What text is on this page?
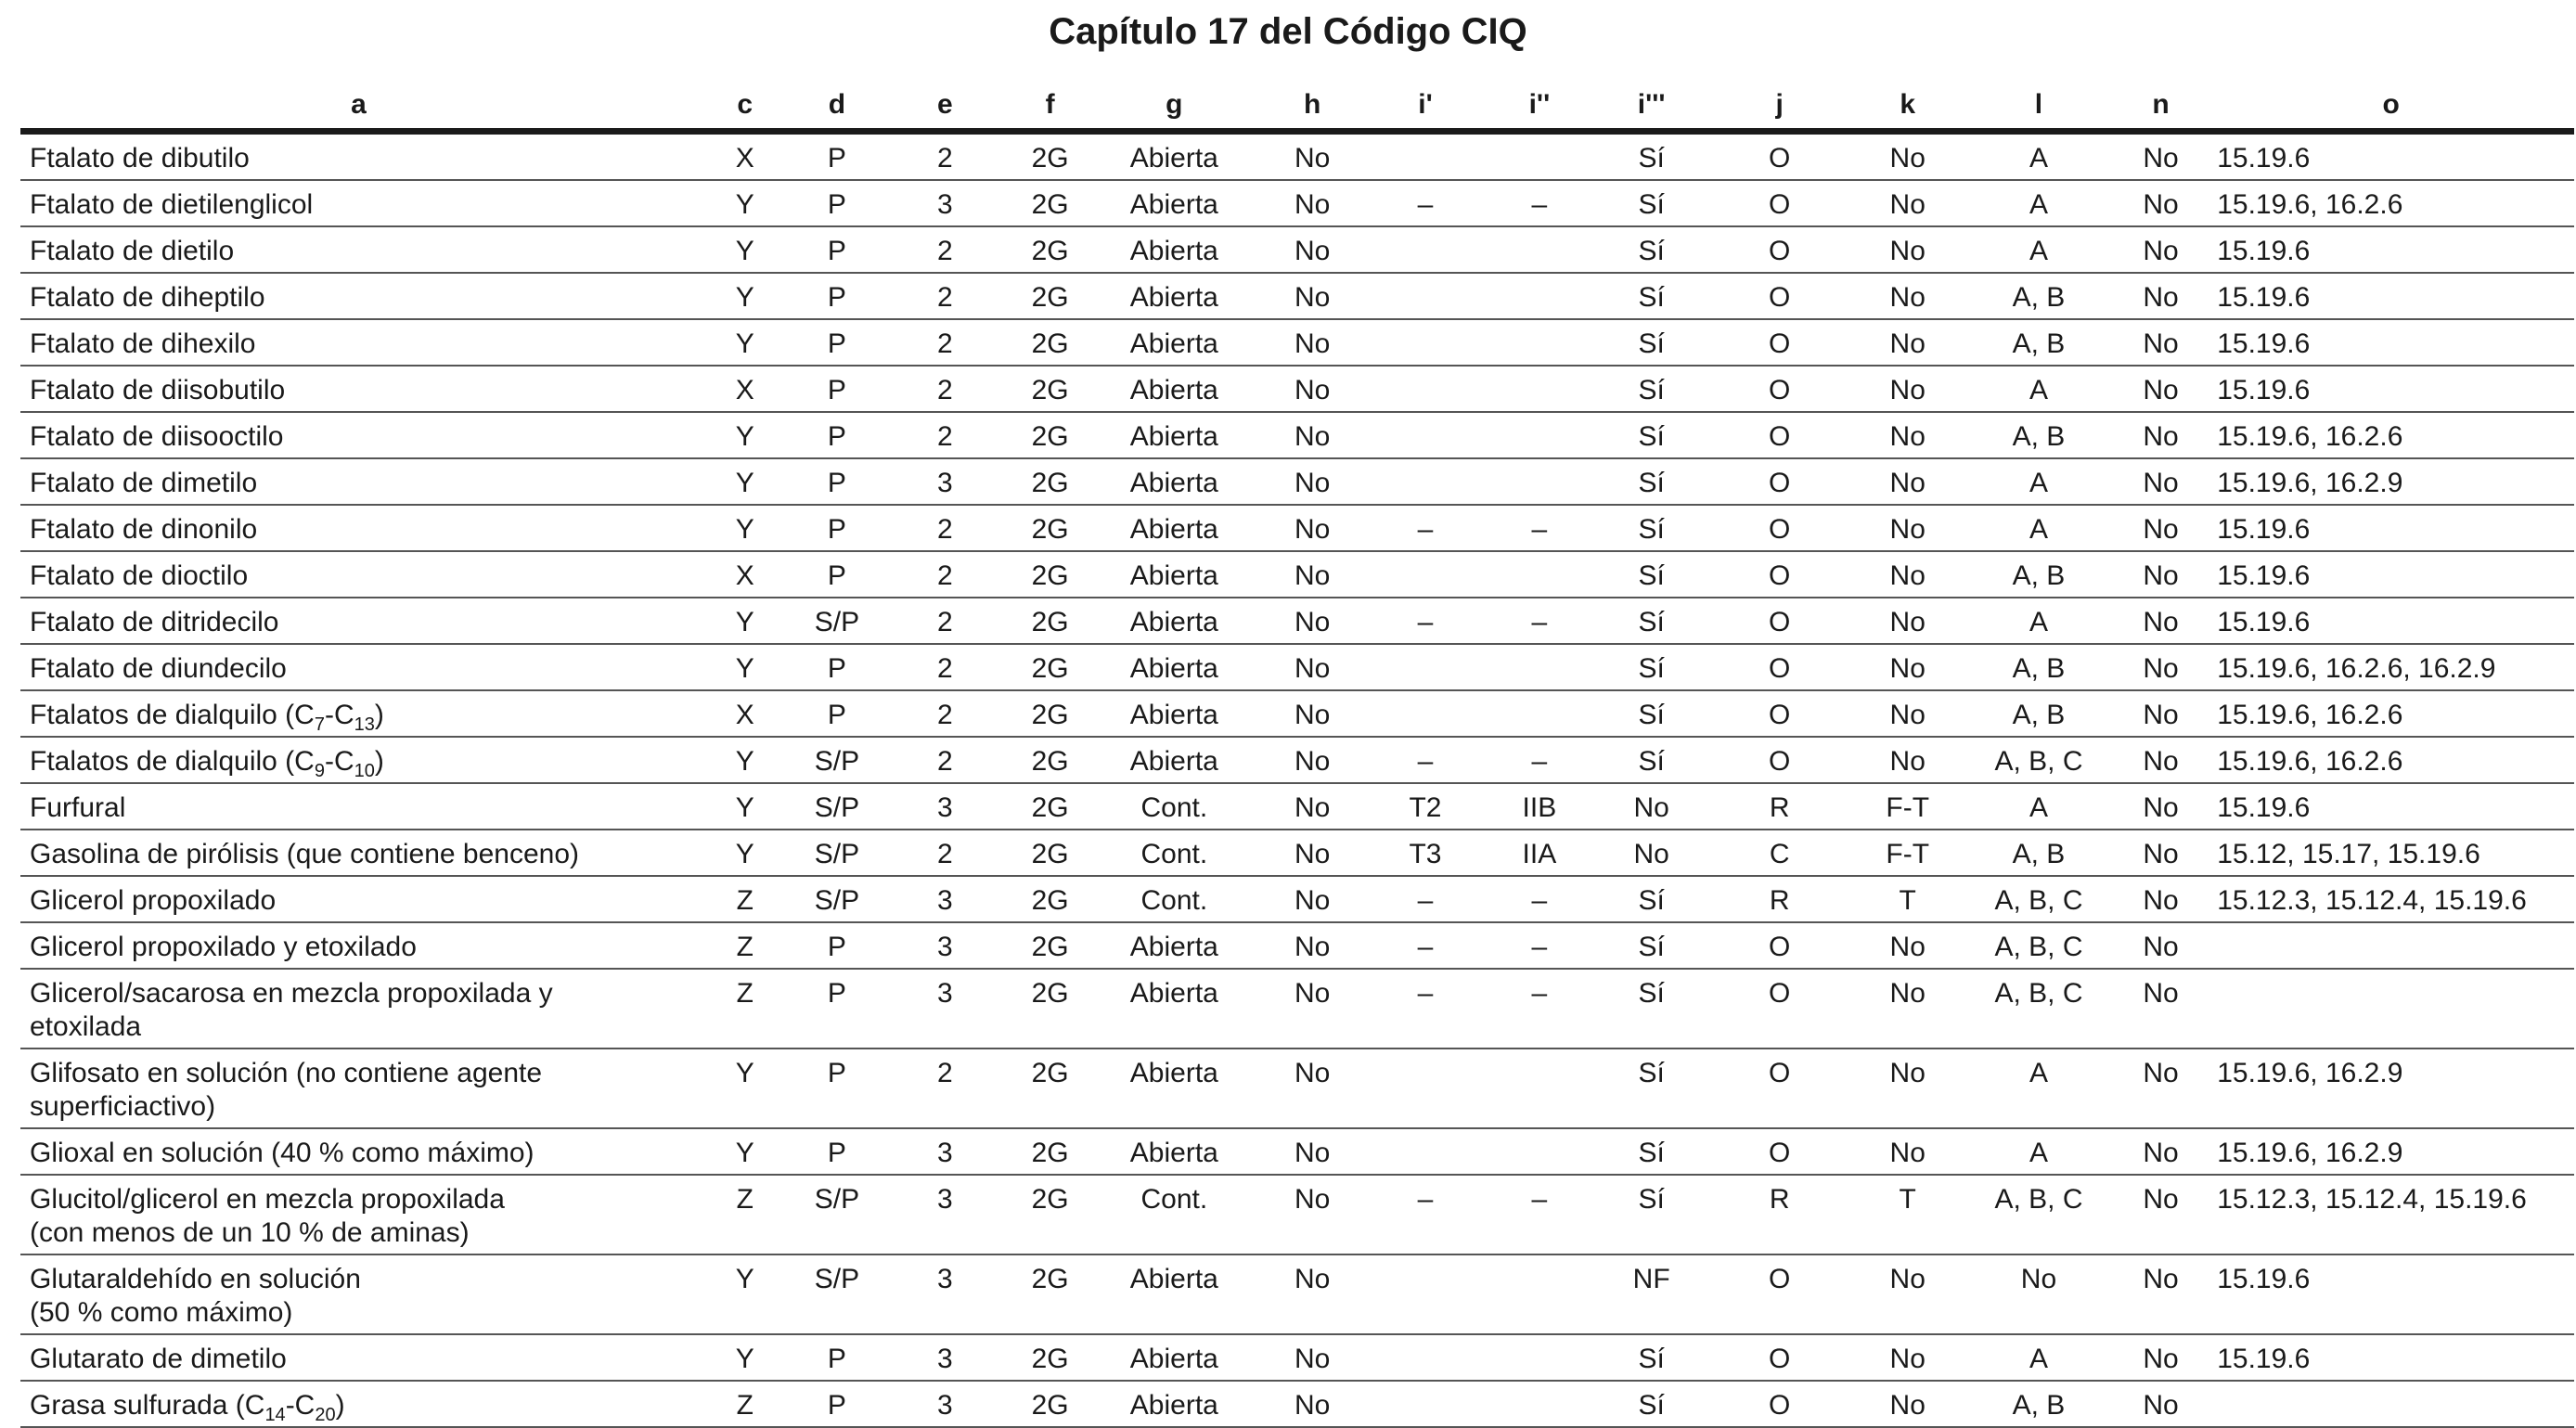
Capítulo 17 del Código CIQ
a	c	d	e	f	g	h	i'	i''	i'''	j	k	l	n	o
Ftalato de dibutilo	X	P	2	2G	Abierta	No			Sí	O	No	A	No	15.19.6
Ftalato de dietilenglicol	Y	P	3	2G	Abierta	No	–	–	Sí	O	No	A	No	15.19.6, 16.2.6
Ftalato de dietilo	Y	P	2	2G	Abierta	No			Sí	O	No	A	No	15.19.6
Ftalato de diheptilo	Y	P	2	2G	Abierta	No			Sí	O	No	A, B	No	15.19.6
Ftalato de dihexilo	Y	P	2	2G	Abierta	No			Sí	O	No	A, B	No	15.19.6
Ftalato de diisobutilo	X	P	2	2G	Abierta	No			Sí	O	No	A	No	15.19.6
Ftalato de diisooctilo	Y	P	2	2G	Abierta	No			Sí	O	No	A, B	No	15.19.6, 16.2.6
Ftalato de dimetilo	Y	P	3	2G	Abierta	No			Sí	O	No	A	No	15.19.6, 16.2.9
Ftalato de dinonilo	Y	P	2	2G	Abierta	No	–	–	Sí	O	No	A	No	15.19.6
Ftalato de dioctilo	X	P	2	2G	Abierta	No			Sí	O	No	A, B	No	15.19.6
Ftalato de ditridecilo	Y	S/P	2	2G	Abierta	No	–	–	Sí	O	No	A	No	15.19.6
Ftalato de diundecilo	Y	P	2	2G	Abierta	No			Sí	O	No	A, B	No	15.19.6, 16.2.6, 16.2.9
Ftalatos de dialquilo $(C_7-C_{13})$	X	P	2	2G	Abierta	No			Sí	O	No	A, B	No	15.19.6, 16.2.6
Ftalatos de dialquilo $(C_9-C_{10})$	Y	S/P	2	2G	Abierta	No	–	–	Sí	O	No	A, B, C	No	15.19.6, 16.2.6
Furfural	Y	S/P	3	2G	Cont.	No	T2	IIB	No	R	F-T	A	No	15.19.6
Gasolina de pirólisis (que contiene benceno)	Y	S/P	2	2G	Cont.	No	T3	IIA	No	C	F-T	A, B	No	15.12, 15.17, 15.19.6
Glicerol propoxilado	Z	S/P	3	2G	Cont.	No	–	–	Sí	R	T	A, B, C	No	15.12.3, 15.12.4, 15.19.6
Glicerol propoxilado y etoxilado	Z	P	3	2G	Abierta	No	–	–	Sí	O	No	A, B, C	No	
Glicerol/sacarosa en mezcla propoxilada y
etoxilada	Z	P	3	2G	Abierta	No	–	–	Sí	O	No	A, B, C	No	
Glifosato en solución (no contiene agente
superficiactivo)	Y	P	2	2G	Abierta	No			Sí	O	No	A	No	15.19.6, 16.2.9
Glioxal en solución (40 % como máximo)	Y	P	3	2G	Abierta	No			Sí	O	No	A	No	15.19.6, 16.2.9
Glucitol/glicerol en mezcla propoxilada
(con menos de un 10 % de aminas)	Z	S/P	3	2G	Cont.	No	–	–	Sí	R	T	A, B, C	No	15.12.3, 15.12.4, 15.19.6
Glutaraldehído en solución
(50 % como máximo)	Y	S/P	3	2G	Abierta	No			NF	O	No	No	No	15.19.6
Glutarato de dimetilo	Y	P	3	2G	Abierta	No			Sí	O	No	A	No	15.19.6
Grasa sulfurada $(C_{14}-C_{20})$	Z	P	3	2G	Abierta	No			Sí	O	No	A, B	No	
